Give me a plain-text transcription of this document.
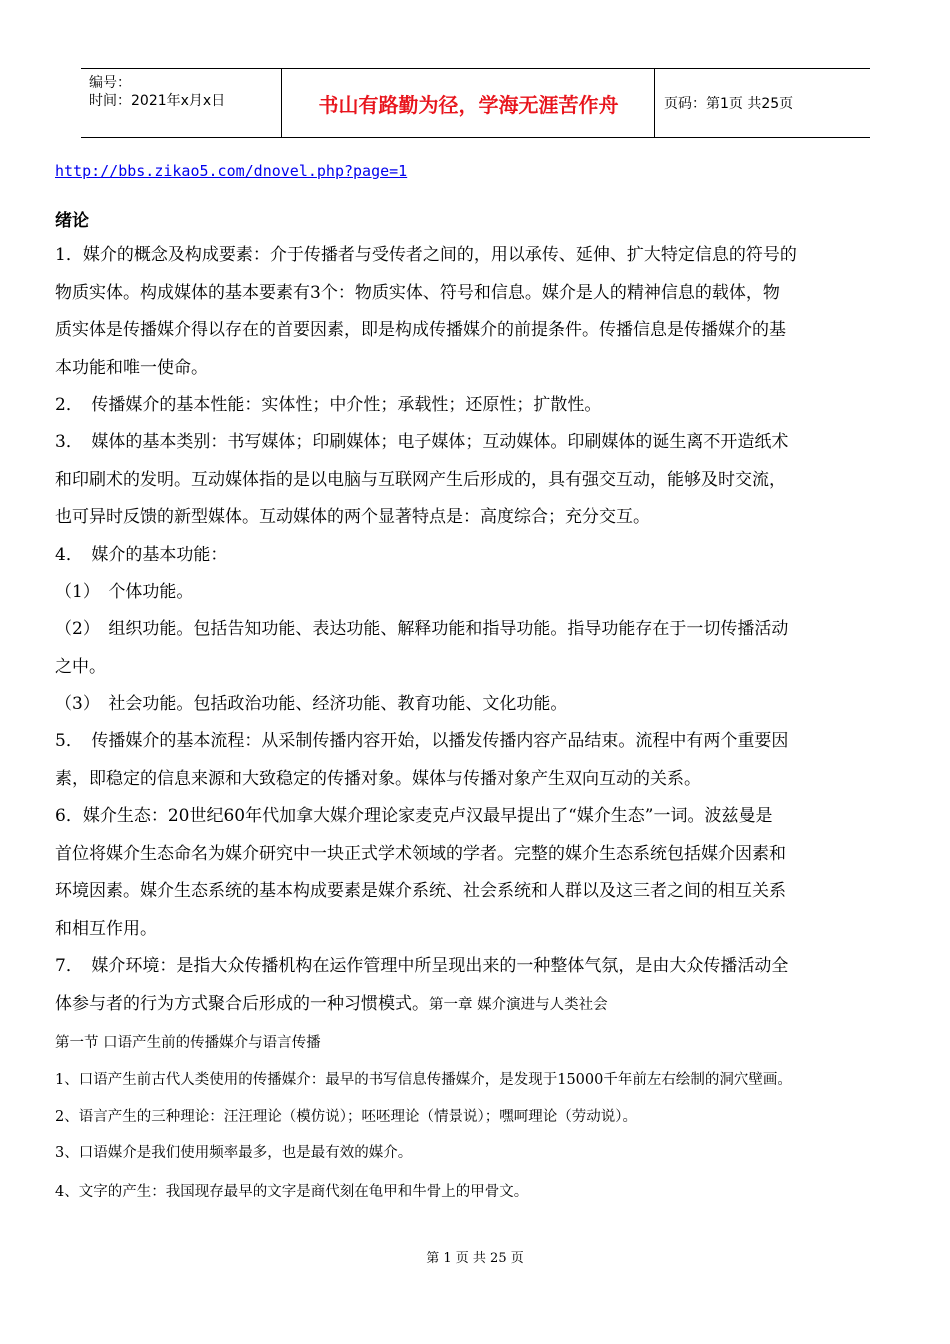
编号：
时间：2021年x月x日	书山有路勤为径，学海无涯苦作舟	页码：第1页 共25页
http://bbs.zikao5.com/dnovel.php?page=1
绪论
1．媒介的概念及构成要素：介于传播者与受传者之间的，用以承传、延伸、扩大特定信息的符号的
物质实体。构成媒体的基本要素有3个：物质实体、符号和信息。媒介是人的精神信息的载体，物
质实体是传播媒介得以存在的首要因素，即是构成传播媒介的前提条件。传播信息是传播媒介的基
本功能和唯一使命。
2．　传播媒介的基本性能：实体性；中介性；承载性；还原性；扩散性。
3．　媒体的基本类别：书写媒体；印刷媒体；电子媒体；互动媒体。印刷媒体的诞生离不开造纸术
和印刷术的发明。互动媒体指的是以电脑与互联网产生后形成的，具有强交互动，能够及时交流，
也可异时反馈的新型媒体。互动媒体的两个显著特点是：高度综合；充分交互。
4．　媒介的基本功能：
（1）　个体功能。
（2）　组织功能。包括告知功能、表达功能、解释功能和指导功能。指导功能存在于一切传播活动
之中。
（3）　社会功能。包括政治功能、经济功能、教育功能、文化功能。
5．　传播媒介的基本流程：从采制传播内容开始，以播发传播内容产品结束。流程中有两个重要因
素，即稳定的信息来源和大致稳定的传播对象。媒体与传播对象产生双向互动的关系。
6．媒介生态：20世纪60年代加拿大媒介理论家麦克卢汉最早提出了“媒介生态”一词。波兹曼是
首位将媒介生态命名为媒介研究中一块正式学术领域的学者。完整的媒介生态系统包括媒介因素和
环境因素。媒介生态系统的基本构成要素是媒介系统、社会系统和人群以及这三者之间的相互关系
和相互作用。
7．　媒介环境：是指大众传播机构在运作管理中所呈现出来的一种整体气氛，是由大众传播活动全
体参与者的行为方式聚合后形成的一种习惯模式。第一章 媒介演进与人类社会
第一节 口语产生前的传播媒介与语言传播
1、口语产生前古代人类使用的传播媒介：最早的书写信息传播媒介，是发现于15000千年前左右绘制的洞穴壁画。
2、语言产生的三种理论：汪汪理论（模仿说）；呸呸理论（情景说）；嘿呵理论（劳动说）。
3、口语媒介是我们使用频率最多，也是最有效的媒介。
4、文字的产生：我国现存最早的文字是商代刻在龟甲和牛骨上的甲骨文。
第 1 页 共 25 页
